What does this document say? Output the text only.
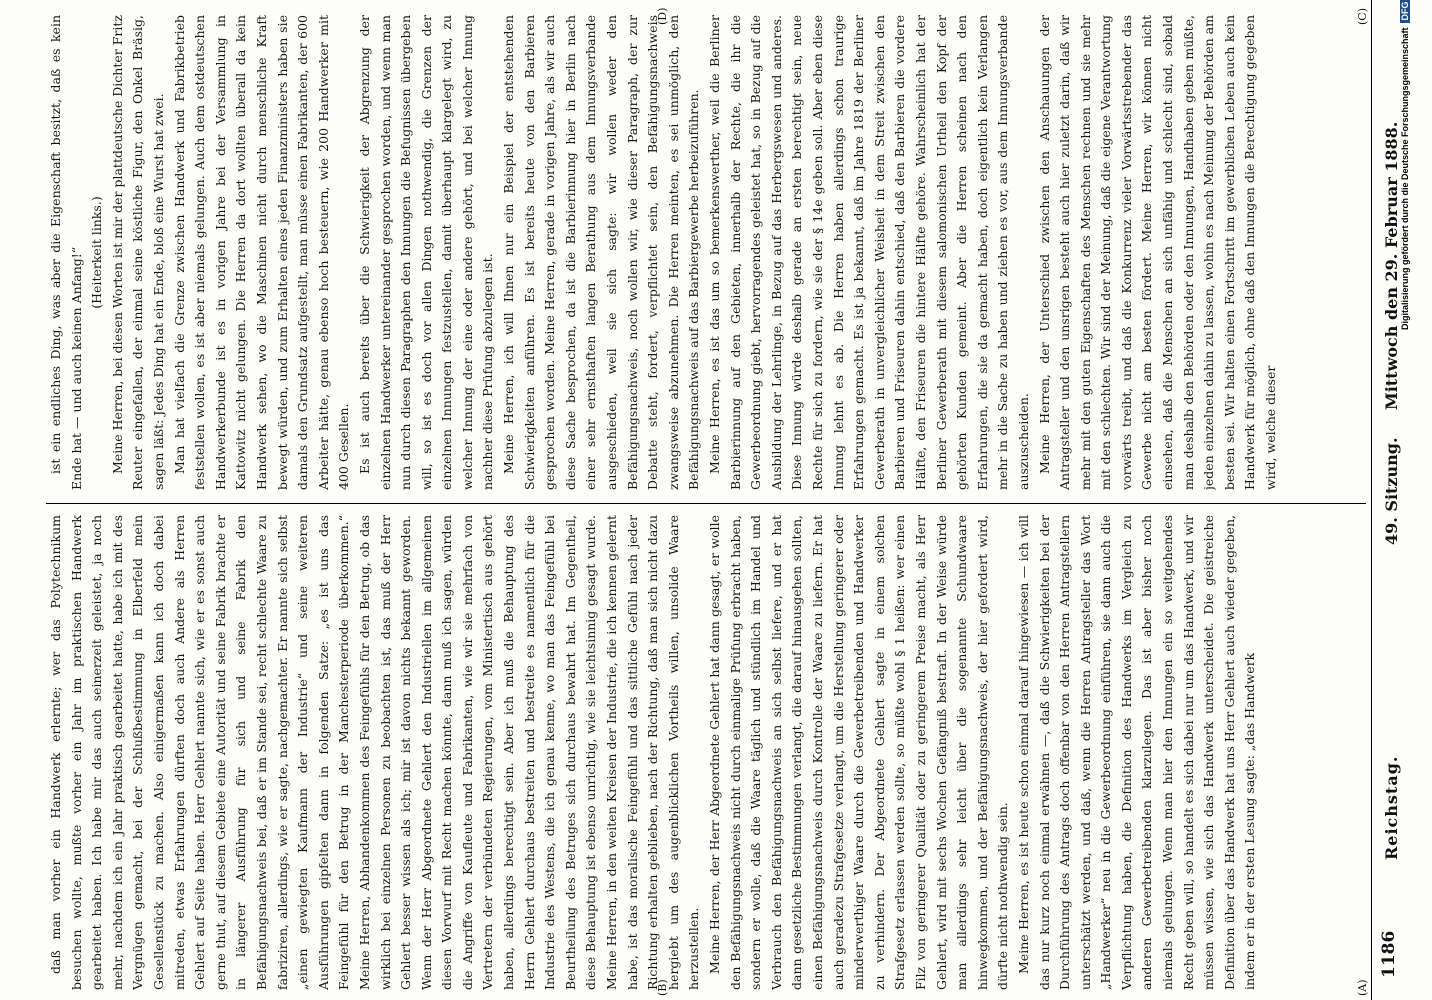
1186
Reichstag.
49. Sitzung.
Mittwoch den 29. Februar 1888.

daß man vorher ein Handwerk erlernte; wer das Polytechnikum besuchen wollte, mußte vorher ein Jahr im praktischen Handwerk gearbeitet haben. Ich habe mir das auch seinerzeit geleistet, ja noch mehr, nachdem ich ein Jahr praktisch gearbeitet hatte, habe ich mit des Vergnügen gemacht, bei der Schlußbestimmung in Elberfeld mein Gesellenstück zu machen. Also einigermaßen kann ich doch dabei mitreden, etwas Erfahrungen dürften doch auch Andere als Herren Gehlert auf Seite haben. Herr Gehlert nannte sich, wie er es sonst auch gerne thut, auf diesem Gebiete eine Autorität und seine Fabrik brachte er in längerer Ausführung für sich und seine Fabrik den Befähigungsnachweis bei, daß er im Stande sei, recht schlechte Waare zu fabriziren, allerdings, wie er sagte, nachgemachter. Er nannte sich selbst „einen gewiegten Kaufmann der Industrie“ und seine weiteren Ausführungen gipfelten dann in folgenden Satze: „es ist uns das Feingefühl für den Betrug in der Manchesterperiode überkommen.“ Meine Herren, Abhandenkommen des Feingefühls für den Betrug, ob das wirklich bei einzelnen Personen zu beobachten ist, das muß der Herr Gehlert besser wissen als ich; mir ist davon nichts bekannt geworden. Wenn der Herr Abgeordnete Gehlert den Industriellen im allgemeinen diesen Vorwurf mit Recht machen könnte, dann muß ich sagen, würden die Angriffe von Kaufleute und Fabrikanten, wie wir sie mehrfach von Vertretern der verbündeten Regierungen, vom Ministertisch aus gehört haben, allerdings berechtigt sein. Aber ich muß die Behauptung des Herrn Gehlert durchaus bestreiten und bestreite es namentlich für die Industrie des Westens, die ich genau kenne, wo man das Feingefühl bei Beurtheilung des Betruges sich durchaus bewahrt hat. Im Gegentheil, diese Behauptung ist ebenso unrichtig, wie sie leichtsinnig gesagt wurde. Meine Herren, in den weiten Kreisen der Industrie, die ich kennen gelernt habe, ist das moralische Feingefühl und das sittliche Gefühl nach jeder Richtung erhalten geblieben, nach der Richtung, daß man sich nicht dazu hergiebt um des augenblicklichen Vortheils willen, unsolide Waare herzustellen. Meine Herren, der Herr Abgeordnete Gehlert hat dann gesagt, er wolle den Befähigungsnachweis nicht durch einmalige Prüfung erbracht haben, sondern er wolle, daß die Waare täglich und stündlich im Handel und Verbrauch den Befähigungsnachweis an sich selbst liefere, und er hat dann gesetzliche Bestimmungen verlangt, die darauf hinausgehen sollten, einen Befähigungsnachweis durch Kontrolle der Waare zu liefern. Er hat auch geradezu Strafgesetze verlangt, um die Herstellung geringerer oder minderwerthiger Waare durch die Gewerbetreibenden und Handwerker zu verhindern. Der Abgeordnete Gehlert sagte in einem solchen Strafgesetz erlassen werden sollte, so müßte wohl § 1 heißen: wer einen Filz von geringerer Qualität oder zu geringerem Preise macht, als Herr Gehlert, wird mit sechs Wochen Gefängniß bestraft. In der Weise würde man allerdings sehr leicht über die sogenannte Schundwaare hinwegkommen, und der Befähigungsnachweis, der hier gefordert wird, dürfte nicht nothwendig sein. Meine Herren, es ist heute schon einmal darauf hingewiesen — ich will das nur kurz noch einmal erwähnen —, daß die Schwierigkeiten bei der Durchführung des Antrags doch offenbar von den Herren Antragstellern unterschätzt werden, und daß, wenn die Herren Antragsteller das Wort „Handwerker“ neu in die Gewerbeordnung einführen, sie dann auch die Verpflichtung haben, die Definition des Handwerks im Vergleich zu anderen Gewerbetreibenden klarzulegen. Das ist aber bisher noch niemals gelungen. Wenn man hier den Innungen ein so weitgehendes Recht geben will, so handelt es sich dabei nur um das Handwerk, und wir müssen wissen, wie sich das Handwerk unterscheidet. Die geistreiche Definition über das Handwerk hat uns Herr Gehlert auch wieder gegeben, indem er in der ersten Lesung sagte: „das Handwerk

ist ein endliches Ding, was aber die Eigenschaft besitzt, daß es kein Ende hat — und auch keinen Anfang!“ (Heiterkeit links.) Meine Herren, bei diesen Worten ist mir der plattdeutsche Dichter Fritz Reuter eingefallen, der einmal seine köstliche Figur, den Onkel Bräsig, sagen läßt: Jedes Ding hat ein Ende, bloß eine Wurst hat zwei. Man hat vielfach die Grenze zwischen Handwerk und Fabrikbetrieb feststellen wollen, es ist aber niemals gelungen. Auch dem ostdeutschen Handwerkerbunde ist es in vorigen Jahre bei der Versammlung in Kattowitz nicht gelungen. Die Herren da dort wollten überall da kein Handwerk sehen, wo die Maschinen nicht durch menschliche Kraft bewegt würden, und zum Erhalten eines jeden Finanzministers haben sie damals den Grundsatz aufgestellt, man müsse einen Fabrikanten, der 600 Arbeiter hätte, genau ebenso hoch besteuern, wie 200 Handwerker mit 400 Gesellen. Es ist auch bereits über die Schwierigkeit der Abgrenzung der einzelnen Handwerker untereinander gesprochen worden, und wenn man nun durch diesen Paragraphen den Innungen die Befugnissen übergeben will, so ist es doch vor allen Dingen nothwendig, die Grenzen der einzelnen Innungen festzustellen, damit überhaupt klargelegt wird, zu welcher Innung der eine oder andere gehört, und bei welcher Innung nachher diese Prüfung abzulegen ist. Meine Herren, ich will Ihnen nur ein Beispiel der entstehenden Schwierigkeiten anführen. Es ist bereits heute von den Barbieren gesprochen worden. Meine Herren, gerade in vorigen Jahre, als wir auch diese Sache besprochen, da ist die Barbierinnung hier in Berlin nach einer sehr ernsthaften langen Berathung aus dem Innungsverbande ausgeschieden, weil sie sich sagte: wir wollen weder den Befähigungsnachweis, noch wollen wir, wie dieser Paragraph, der zur Debatte steht, fordert, verpflichtet sein, den Befähigungsnachweis zwangsweise abzunehmen. Die Herren meinten, es sei unmöglich, den Befähigungsnachweis auf das Barbiergewerbe herbeizuführen. Meine Herren, es ist das um so bemerkenswerther, weil die Berliner Barbierinnung auf den Gebieten, innerhalb der Rechte, die ihr die Gewerbeordnung giebt, hervorragendes geleistet hat, so in Bezug auf die Ausbildung der Lehrlinge, in Bezug auf das Herbergswesen und anderes. Diese Innung würde deshalb gerade an ersten berechtigt sein, neue Rechte für sich zu fordern, wie sie der § 14e geben soll. Aber eben diese Innung lehnt es ab. Die Herren haben allerdings schon traurige Erfahrungen gemacht. Es ist ja bekannt, daß im Jahre 1819 der Berliner Gewerberath in unvergleichlicher Weisheit in dem Streit zwischen den Barbieren und Friseuren dahin entschied, daß den Barbieren die vordere Hälfte, den Friseuren die hintere Hälfte gehöre. Wahrscheinlich hat der Berliner Gewerberath mit diesem salomonischen Urtheil den Kopf der gehörten Kunden gemeint. Aber die Herren scheinen nach den Erfahrungen, die sie da gemacht haben, doch eigentlich kein Verlangen mehr in die Sache zu haben und ziehen es vor, aus dem Innungsverbande auszuscheiden. Meine Herren, der Unterschied zwischen den Anschauungen der Antragsteller und den unsrigen besteht auch hier zuletzt darin, daß wir mehr mit den guten Eigenschaften des Menschen rechnen und sie mehr mit den schlechten. Wir sind der Meinung, daß die eigene Verantwortung vorwärts treibt, und daß die Konkurrenz vieler Vorwärtsstrebender das Gewerbe nicht am besten fördert. Meine Herren, wir können nicht einsehen, daß die Menschen an sich unfähig und schlecht sind, sobald man deshalb den Behörden oder den Innungen, Handhaben geben müßte, jeden einzelnen dahin zu lassen, wohin es nach Meinung der Behörden am besten sei. Wir halten einen Fortschritt im gewerblichen Leben auch kein Handwerk für möglich, ohne daß den Innungen die Berechtigung gegeben wird, welche dieser

(A)
(B)
(C)
(D)
Digitalisierung gefördert durch die Deutsche ForschungsgemeinschaftDFG
